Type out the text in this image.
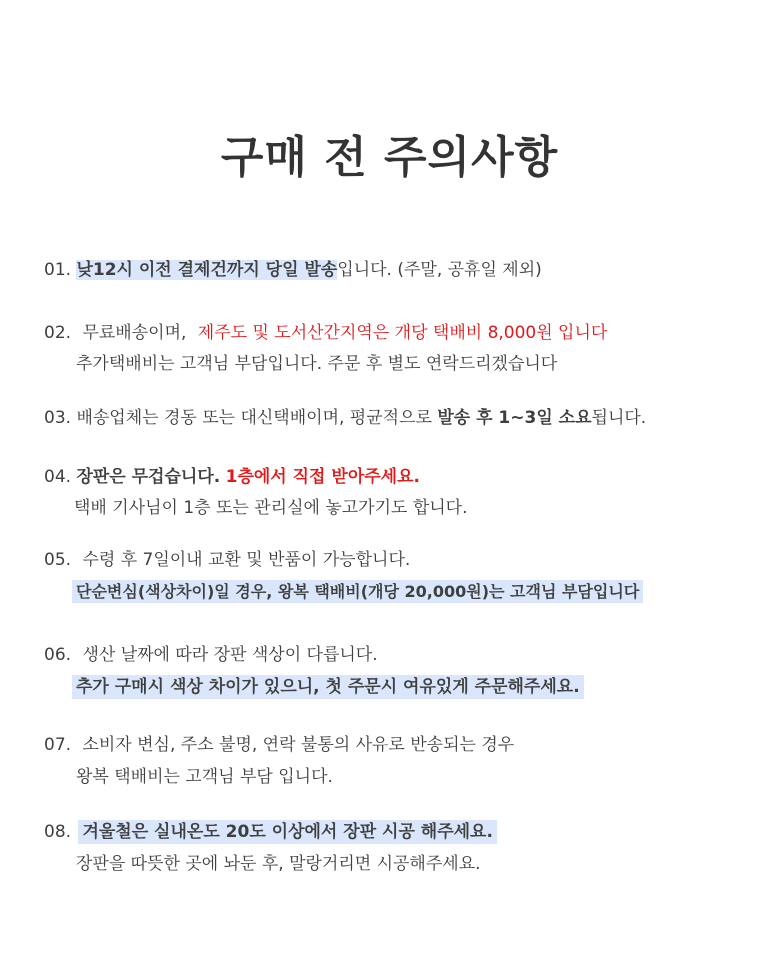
구매 전 주의사항
01. 낮12시 이전 결제건까지 당일 발송입니다. (주말, 공휴일 제외)
02. 무료배송이며, 제주도 및 도서산간지역은 개당 택배비 8,000원 입니다
추가택배비는 고객님 부담입니다. 주문 후 별도 연락드리겠습니다
03. 배송업체는 경동 또는 대신택배이며, 평균적으로 발송 후 1~3일 소요됩니다.
04. 장판은 무겁습니다. 1층에서 직접 받아주세요.
택배 기사님이 1층 또는 관리실에 놓고가기도 합니다.
05. 수령 후 7일이내 교환 및 반품이 가능합니다.
단순변심(색상차이)일 경우, 왕복 택배비(개당 20,000원)는 고객님 부담입니다
06. 생산 날짜에 따라 장판 색상이 다릅니다.
추가 구매시 색상 차이가 있으니, 첫 주문시 여유있게 주문해주세요.
07. 소비자 변심, 주소 불명, 연락 불통의 사유로 반송되는 경우
왕복 택배비는 고객님 부담 입니다.
08. 겨울철은 실내온도 20도 이상에서 장판 시공 해주세요.
장판을 따뜻한 곳에 놔둔 후, 말랑거리면 시공해주세요.
